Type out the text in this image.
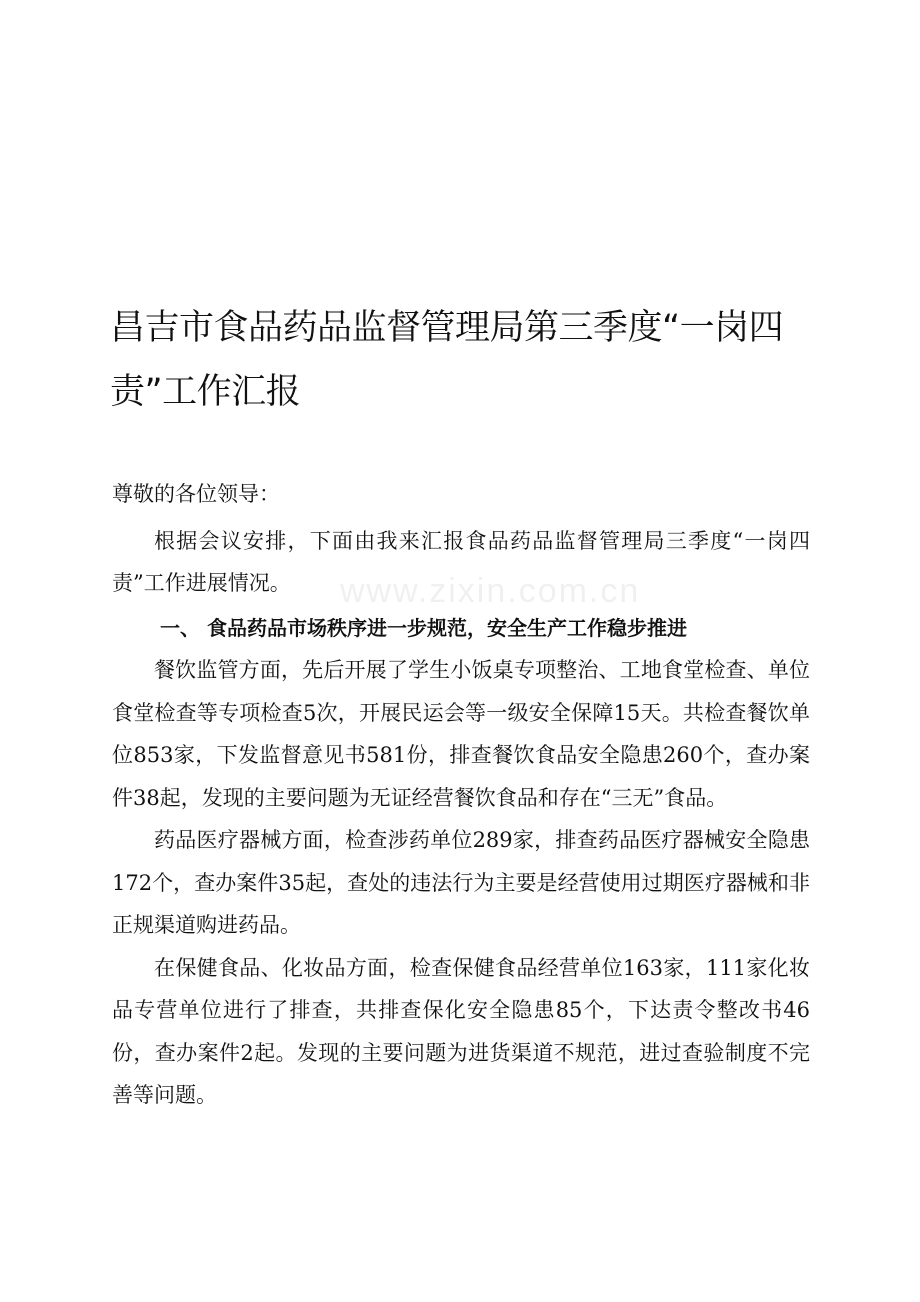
昌吉市食品药品监督管理局第三季度“一岗四责”工作汇报
www.zixin.com.cn

尊敬的各位领导：

根据会议安排，下面由我来汇报食品药品监督管理局三季度“一岗四责”工作进展情况。

一、 食品药品市场秩序进一步规范，安全生产工作稳步推进

餐饮监管方面，先后开展了学生小饭桌专项整治、工地食堂检查、单位食堂检查等专项检查5次，开展民运会等一级安全保障15天。共检查餐饮单位853家，下发监督意见书581份，排查餐饮食品安全隐患260个，查办案件38起，发现的主要问题为无证经营餐饮食品和存在“三无”食品。

药品医疗器械方面，检查涉药单位289家，排查药品医疗器械安全隐患172个，查办案件35起，查处的违法行为主要是经营使用过期医疗器械和非正规渠道购进药品。

在保健食品、化妆品方面，检查保健食品经营单位163家，111家化妆品专营单位进行了排查，共排查保化安全隐患85个，下达责令整改书46份，查办案件2起。发现的主要问题为进货渠道不规范，进过查验制度不完善等问题。
